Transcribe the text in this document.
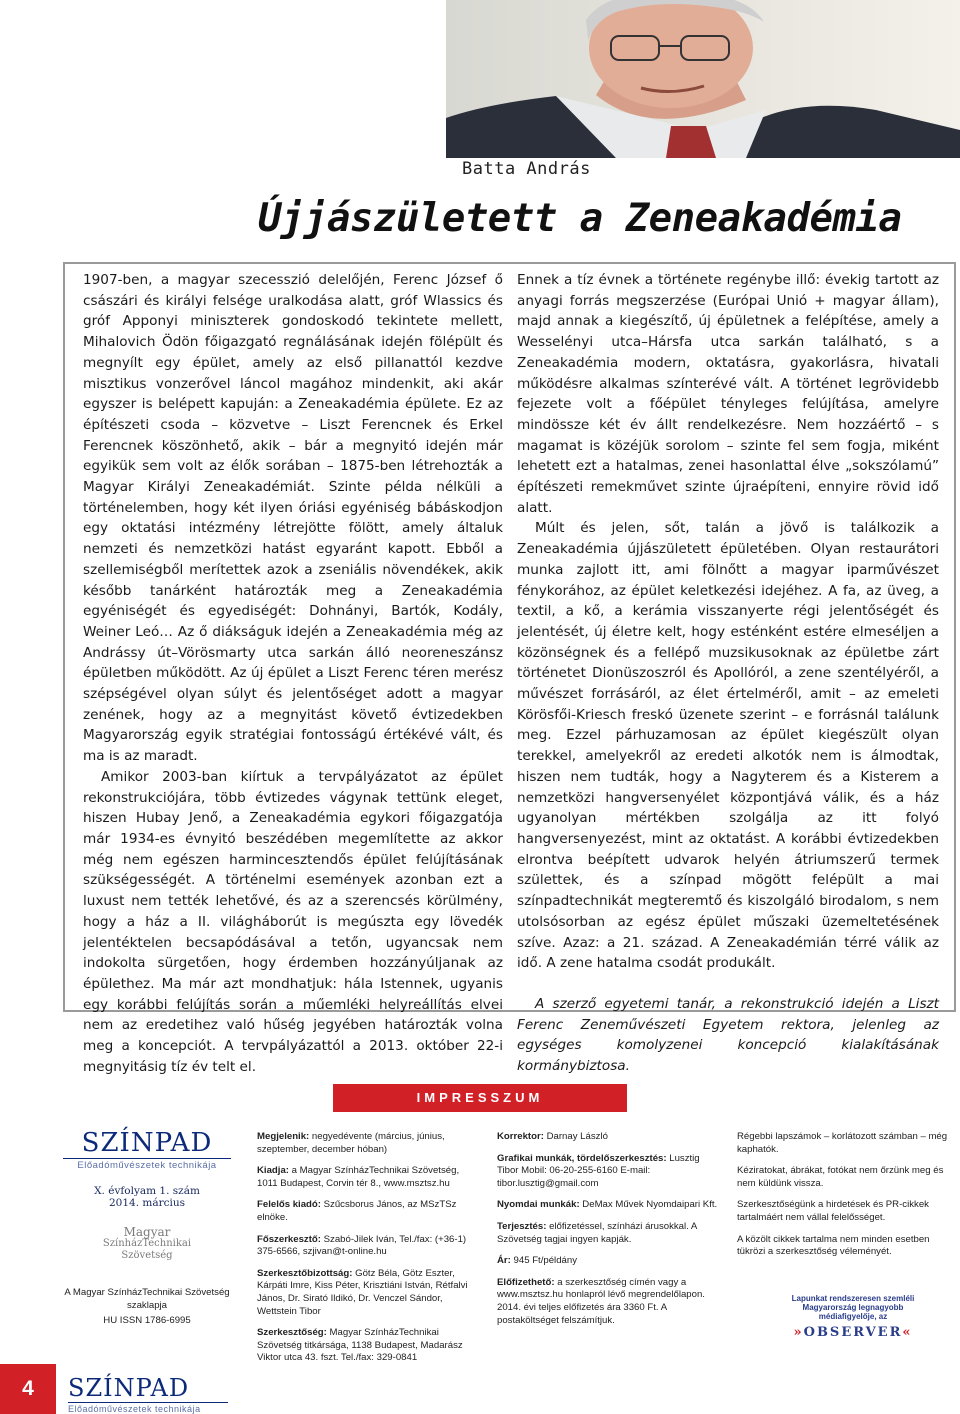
Batta András
Újjászületett a Zeneakadémia

1907-ben, a magyar szecesszió delelőjén, Ferenc József ő császári és királyi felsége uralkodása alatt, gróf Wlassics és gróf Apponyi miniszterek gondoskodó tekintete mellett, Mihalovich Ödön főigazgató regnálásának idején fölépült és megnyílt egy épület, amely az első pillanattól kezdve misztikus vonzerővel láncol magához mindenkit, aki akár egyszer is belépett kapuján: a Zeneakadémia épülete. Ez az építészeti csoda – közvetve – Liszt Ferencnek és Erkel Ferencnek köszönhető, akik – bár a megnyitó idején már egyikük sem volt az élők sorában – 1875-ben létrehozták a Magyar Királyi Zeneakadémiát. Szinte példa nélküli a történelemben, hogy két ilyen óriási egyéniség bábáskodjon egy oktatási intézmény létrejötte fölött, amely általuk nemzeti és nemzetközi hatást egyaránt kapott. Ebből a szellemiségből merítettek azok a zseniális növendékek, akik később tanárként határozták meg a Zeneakadémia egyéniségét és egyediségét: Dohnányi, Bartók, Kodály, Weiner Leó… Az ő diákságuk idején a Zeneakadémia még az Andrássy út–Vörösmarty utca sarkán álló neoreneszánsz épületben működött. Az új épület a Liszt Ferenc téren merész szépségével olyan súlyt és jelentőséget adott a magyar zenének, hogy az a megnyitást követő évtizedekben Magyarország egyik stratégiai fontosságú értékévé vált, és ma is az maradt.

Amikor 2003-ban kiírtuk a tervpályázatot az épület rekonstrukciójára, több évtizedes vágynak tettünk eleget, hiszen Hubay Jenő, a Zeneakadémia egykori főigazgatója már 1934-es évnyitó beszédében megemlítette az akkor még nem egészen harmincesztendős épület felújításának szükségességét. A történelmi események azonban ezt a luxust nem tették lehetővé, és az a szerencsés körülmény, hogy a ház a II. világháborút is megúszta egy lövedék jelentéktelen becsapódásával a tetőn, ugyancsak nem indokolta sürgetően, hogy érdemben hozzányúljanak az épülethez. Ma már azt mondhatjuk: hála Istennek, ugyanis egy korábbi felújítás során a műemléki helyreállítás elvei nem az eredetihez való hűség jegyében határozták volna meg a koncepciót. A tervpályázattól a 2013. október 22-i megnyitásig tíz év telt el.

Ennek a tíz évnek a története regénybe illő: évekig tartott az anyagi forrás megszerzése (Európai Unió + magyar állam), majd annak a kiegészítő, új épületnek a felépítése, amely a Wesselényi utca–Hársfa utca sarkán található, s a Zeneakadémia modern, oktatásra, gyakorlásra, hivatali működésre alkalmas színterévé vált. A történet legrövidebb fejezete volt a főépület tényleges felújítása, amelyre mindössze két év állt rendelkezésre. Nem hozzáértő – s magamat is közéjük sorolom – szinte fel sem fogja, miként lehetett ezt a hatalmas, zenei hasonlattal élve „sokszólamú” építészeti remekművet szinte újraépíteni, ennyire rövid idő alatt.

Múlt és jelen, sőt, talán a jövő is találkozik a Zeneakadémia újjászületett épületében. Olyan restaurátori munka zajlott itt, ami fölnőtt a magyar iparművészet fénykorához, az épület keletkezési idejéhez. A fa, az üveg, a textil, a kő, a kerámia visszanyerte régi jelentőségét és jelentését, új életre kelt, hogy esténként estére elmeséljen a közönségnek és a fellépő muzsikusoknak az épületbe zárt történetet Dionüszoszról és Apollóról, a zene szentélyéről, a művészet forrásáról, az élet értelméről, amit – az emeleti Körösfői-Kriesch freskó üzenete szerint – e forrásnál találunk meg. Ezzel párhuzamosan az épület kiegészült olyan terekkel, amelyekről az eredeti alkotók nem is álmodtak, hiszen nem tudták, hogy a Nagyterem és a Kisterem a nemzetközi hangversenyélet központjává válik, és a ház ugyanolyan mértékben szolgálja az itt folyó hangversenyezést, mint az oktatást. A korábbi évtizedekben elrontva beépített udvarok helyén átriumszerű termek születtek, és a színpad mögött felépült a mai színpadtechnikát megteremtő és kiszolgáló birodalom, s nem utolsósorban az egész épület műszaki üzemeltetésének szíve. Azaz: a 21. század. A Zeneakadémián térré válik az idő. A zene hatalma csodát produkált.

A szerző egyetemi tanár, a rekonstrukció idején a Liszt Ferenc Zeneművészeti Egyetem rektora, jelenleg az egységes komolyzenei koncepció kialakításának kormánybiztosa.

IMPRESSZUM
SZÍNPAD
Előadóművészetek technikája
X. évfolyam 1. szám
2014. március
Magyar
SzínházTechnikai
Szövetség
A Magyar SzínházTechnikai Szövetség
szaklapja
HU ISSN 1786-6995

Megjelenik: negyedévente (március, június, szeptember, december hóban)

Kiadja: a Magyar SzínházTechnikai Szövetség, 1011 Budapest, Corvin tér 8., www.msztsz.hu

Felelős kiadó: Szűcsborus János, az MSzTSz elnöke.

Főszerkesztő: Szabó-Jilek Iván, Tel./fax: (+36-1) 375-6566, szjivan@t-online.hu

Szerkesztőbizottság: Götz Béla, Götz Eszter, Kárpáti Imre, Kiss Péter, Krisztiáni István, Rétfalvi János, Dr. Sirató Ildikó, Dr. Venczel Sándor, Wettstein Tibor

Szerkesztőség: Magyar SzínházTechnikai Szövetség titkársága, 1138 Budapest, Madarász Viktor utca 43. fszt. Tel./fax: 329-0841

Korrektor: Darnay László

Grafikai munkák, tördelőszerkesztés: Lusztig Tibor Mobil: 06-20-255-6160 E-mail: tibor.lusztig@gmail.com

Nyomdai munkák: DeMax Művek Nyomdaipari Kft.

Terjesztés: előfizetéssel, színházi árusokkal. A Szövetség tagjai ingyen kapják.

Ár: 945 Ft/példány

Előfizethető: a szerkesztőség címén vagy a www.msztsz.hu honlapról lévő megrendelőlapon. 2014. évi teljes előfizetés ára 3360 Ft. A postaköltséget felszámítjuk.

Régebbi lapszámok – korlátozott számban – még kaphatók.

Kéziratokat, ábrákat, fotókat nem őrzünk meg és nem küldünk vissza.

Szerkesztőségünk a hirdetések és PR-cikkek tartalmáért nem vállal felelősséget.

A közölt cikkek tartalma nem minden esetben tükrözi a szerkesztőség véleményét.

Lapunkat rendszeresen szemléli
Magyarország legnagyobb
médiafigyelője, az
»OBSERVER«
4	SZÍNPAD
Előadóművészetek technikája
